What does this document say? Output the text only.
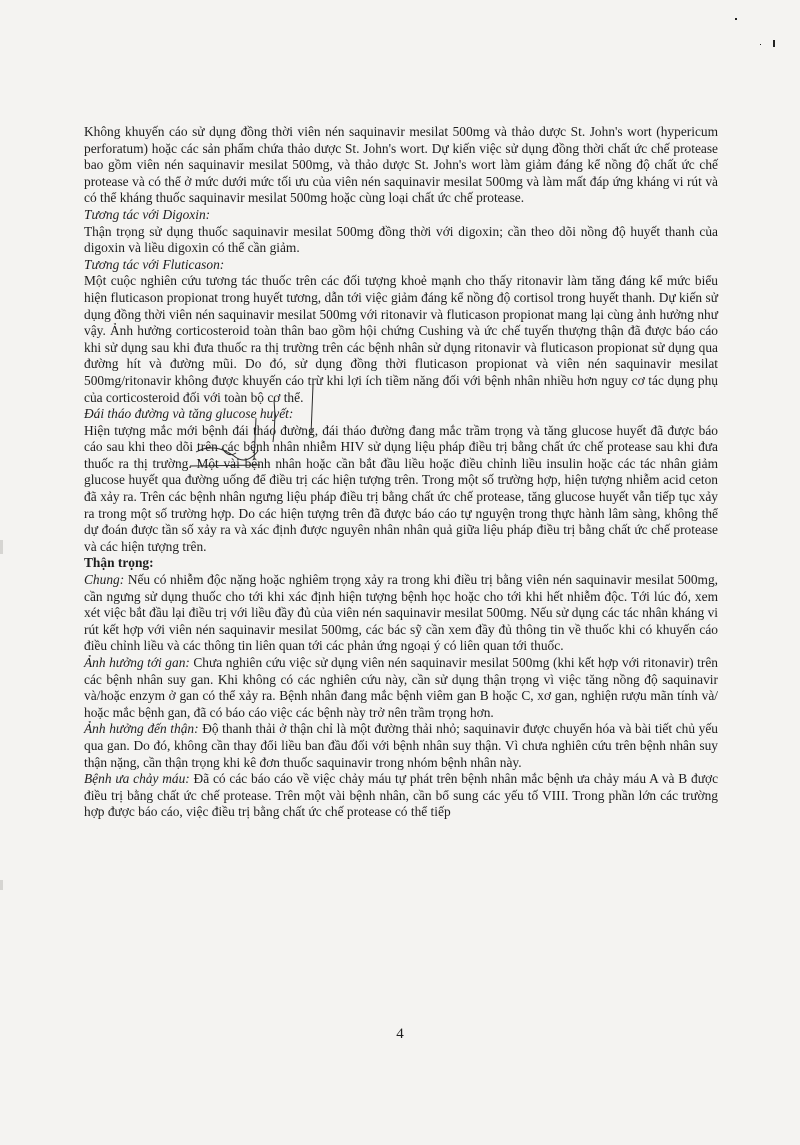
Không khuyến cáo sử dụng đồng thời viên nén saquinavir mesilat 500mg và thảo dược St. John's wort (hypericum perforatum) hoặc các sản phẩm chứa thảo dược St. John's wort. Dự kiến việc sử dụng đồng thời chất ức chế protease bao gồm viên nén saquinavir mesilat 500mg, và thảo dược St. John's wort làm giảm đáng kể nồng độ chất ức chế protease và có thể ở mức dưới mức tối ưu của viên nén saquinavir mesilat 500mg và làm mất đáp ứng kháng vi rút và có thể kháng thuốc saquinavir mesilat 500mg hoặc cùng loại chất ức chế protease.

Tương tác với Digoxin:

Thận trọng sử dụng thuốc saquinavir mesilat 500mg đồng thời với digoxin; cần theo dõi nồng độ huyết thanh của digoxin và liều digoxin có thể cần giảm.

Tương tác với Fluticason:

Một cuộc nghiên cứu tương tác thuốc trên các đối tượng khoẻ mạnh cho thấy ritonavir làm tăng đáng kể mức biểu hiện fluticason propionat trong huyết tương, dẫn tới việc giảm đáng kể nồng độ cortisol trong huyết thanh. Dự kiến sử dụng đồng thời viên nén saquinavir mesilat 500mg với ritonavir và fluticason propionat mang lại cùng ảnh hưởng như vậy. Ảnh hưởng corticosteroid toàn thân bao gồm hội chứng Cushing và ức chế tuyến thượng thận đã được báo cáo khi sử dụng sau khi đưa thuốc ra thị trường trên các bệnh nhân sử dụng ritonavir và fluticason propionat sử dụng qua đường hít và đường mũi. Do đó, sử dụng đồng thời fluticason propionat và viên nén saquinavir mesilat 500mg/ritonavir không được khuyến cáo trừ khi lợi ích tiềm năng đối với bệnh nhân nhiều hơn nguy cơ tác dụng phụ của corticosteroid đối với toàn bộ cơ thể.

Đái tháo đường và tăng glucose huyết:

Hiện tượng mắc mới bệnh đái tháo đường, đái tháo đường đang mắc trầm trọng và tăng glucose huyết đã được báo cáo sau khi theo dõi trên các bệnh nhân nhiễm HIV sử dụng liệu pháp điều trị bằng chất ức chế protease sau khi đưa thuốc ra thị trường. Một vài bệnh nhân hoặc cần bắt đầu liều hoặc điều chỉnh liều insulin hoặc các tác nhân giảm glucose huyết qua đường uống để điều trị các hiện tượng trên. Trong một số trường hợp, hiện tượng nhiễm acid ceton đã xảy ra. Trên các bệnh nhân ngưng liệu pháp điều trị bằng chất ức chế protease, tăng glucose huyết vẫn tiếp tục xảy ra trong một số trường hợp. Do các hiện tượng trên đã được báo cáo tự nguyện trong thực hành lâm sàng, không thể dự đoán được tần số xảy ra và xác định được nguyên nhân nhân quả giữa liệu pháp điều trị bằng chất ức chế protease và các hiện tượng trên.

Thận trọng:

Chung: Nếu có nhiễm độc nặng hoặc nghiêm trọng xảy ra trong khi điều trị bằng viên nén saquinavir mesilat 500mg, cần ngưng sử dụng thuốc cho tới khi xác định hiện tượng bệnh học hoặc cho tới khi hết nhiễm độc. Tới lúc đó, xem xét việc bắt đầu lại điều trị với liều đầy đủ của viên nén saquinavir mesilat 500mg. Nếu sử dụng các tác nhân kháng vi rút kết hợp với viên nén saquinavir mesilat 500mg, các bác sỹ cần xem đầy đủ thông tin về thuốc khi có khuyến cáo điều chỉnh liều và các thông tin liên quan tới các phản ứng ngoại ý có liên quan tới thuốc.

Ảnh hưởng tới gan: Chưa nghiên cứu việc sử dụng viên nén saquinavir mesilat 500mg (khi kết hợp với ritonavir) trên các bệnh nhân suy gan. Khi không có các nghiên cứu này, cần sử dụng thận trọng vì việc tăng nồng độ saquinavir và/hoặc enzym ở gan có thể xảy ra. Bệnh nhân đang mắc bệnh viêm gan B hoặc C, xơ gan, nghiện rượu mãn tính và/ hoặc mắc bệnh gan, đã có báo cáo việc các bệnh này trở nên trầm trọng hơn.

Ảnh hưởng đến thận: Độ thanh thải ở thận chỉ là một đường thải nhỏ; saquinavir được chuyển hóa và bài tiết chủ yếu qua gan. Do đó, không cần thay đổi liều ban đầu đối với bệnh nhân suy thận. Vì chưa nghiên cứu trên bệnh nhân suy thận nặng, cần thận trọng khi kê đơn thuốc saquinavir trong nhóm bệnh nhân này.

Bệnh ưa chảy máu: Đã có các báo cáo về việc chảy máu tự phát trên bệnh nhân mắc bệnh ưa chảy máu A và B được điều trị bằng chất ức chế protease. Trên một vài bệnh nhân, cần bổ sung các yếu tố VIII. Trong phần lớn các trường hợp được báo cáo, việc điều trị bằng chất ức chế protease có thể tiếp

4
